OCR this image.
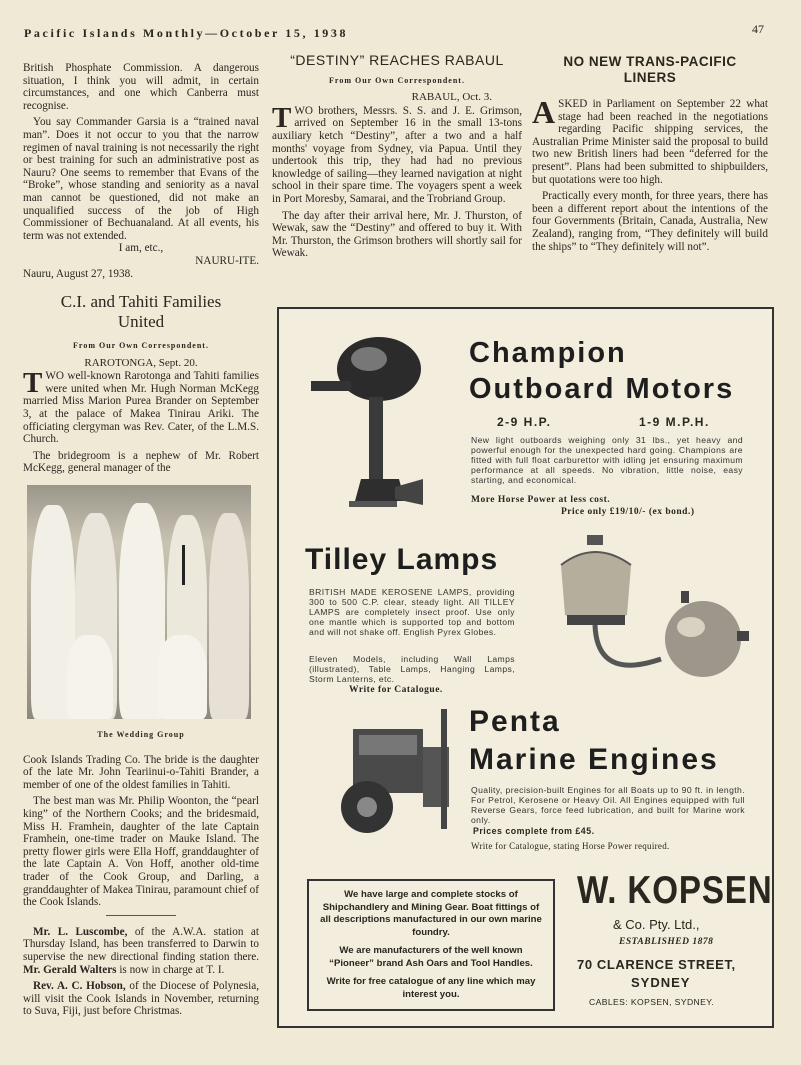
Pacific Islands Monthly—October 15, 1938	47

British Phosphate Commission. A dangerous situation, I think you will admit, in certain circumstances, and one which Canberra must recognise.

You say Commander Garsia is a “trained naval man”. Does it not occur to you that the narrow regimen of naval training is not necessarily the right or best training for such an administrative post as Nauru? One seems to remember that Evans of the “Broke”, whose standing and seniority as a naval man cannot be questioned, did not make an unqualified success of the job of High Commissioner of Bechuanaland. At all events, his term was not extended.

I am, etc.,
NAURU-ITE.
Nauru, August 27, 1938.
C.I. and Tahiti Families United
From Our Own Correspondent.
RAROTONGA, Sept. 20.

TWO well-known Rarotonga and Tahiti families were united when Mr. Hugh Norman McKegg married Miss Marion Purea Brander on September 3, at the palace of Makea Tinirau Ariki. The officiating clergyman was Rev. Cater, of the L.M.S. Church.

The bridegroom is a nephew of Mr. Robert McKegg, general manager of the

The Wedding Group

Cook Islands Trading Co. The bride is the daughter of the late Mr. John Teariinui-o-Tahiti Brander, a member of one of the oldest families in Tahiti.

The best man was Mr. Philip Woonton, the “pearl king” of the Northern Cooks; and the bridesmaid, Miss H. Framhein, daughter of the late Captain Framhein, one-time trader on Mauke Island. The pretty flower girls were Ella Hoff, granddaughter of the late Captain A. Von Hoff, another old-time trader of the Cook Group, and Darling, a granddaughter of Makea Tinirau, paramount chief of the Cook Islands.

Mr. L. Luscombe, of the A.W.A. station at Thursday Island, has been transferred to Darwin to supervise the new directional finding station there. Mr. Gerald Walters is now in charge at T. I.

Rev. A. C. Hobson, of the Diocese of Polynesia, will visit the Cook Islands in November, returning to Suva, Fiji, just before Christmas.

“DESTINY” REACHES RABAUL
From Our Own Correspondent.
RABAUL, Oct. 3.

TWO brothers, Messrs. S. S. and J. E. Grimson, arrived on September 16 in the small 13-tons auxiliary ketch “Destiny”, after a two and a half months' voyage from Sydney, via Papua. Until they undertook this trip, they had had no previous knowledge of sailing—they learned navigation at night school in their spare time. The voyagers spent a week in Port Moresby, Samarai, and the Trobriand Group.

The day after their arrival here, Mr. J. Thurston, of Wewak, saw the “Destiny” and offered to buy it. With Mr. Thurston, the Grimson brothers will shortly sail for Wewak.

NO NEW TRANS-PACIFIC LINERS

ASKED in Parliament on September 22 what stage had been reached in the negotiations regarding Pacific shipping services, the Australian Prime Minister said the proposal to build two new British liners had been “deferred for the present”. Plans had been submitted to shipbuilders, but quotations were too high.

Practically every month, for three years, there has been a different report about the intentions of the four Governments (Britain, Canada, Australia, New Zealand), ranging from, “They definitely will build the ships” to “They definitely will not”.

Champion
Outboard Motors
2-9 H.P.	1-9 M.P.H.
New light outboards weighing only 31 lbs., yet heavy and powerful enough for the unexpected hard going. Champions are fitted with full float carburettor with idling jet ensuring maximum performance at all speeds. No vibration, little noise, easy starting, and economical.
More Horse Power at less cost.
Price only £19/10/- (ex bond.)
Tilley Lamps
BRITISH MADE KEROSENE LAMPS, providing 300 to 500 C.P. clear, steady light. All TILLEY LAMPS are completely insect proof. Use only one mantle which is supported top and bottom and will not shake off. English Pyrex Globes.
Eleven Models, including Wall Lamps (illustrated), Table Lamps, Hanging Lamps, Storm Lanterns, etc.
Write for Catalogue.
Penta
Marine Engines
Quality, precision-built Engines for all Boats up to 90 ft. in length. For Petrol, Kerosene or Heavy Oil. All Engines equipped with full Reverse Gears, force feed lubrication, and built for Marine work only.
Prices complete from £45.
Write for Catalogue, stating Horse Power required.
We have large and complete stocks of Shipchandlery and Mining Gear. Boat fittings of all descriptions manufactured in our own marine foundry.
We are manufacturers of the well known “Pioneer” brand Ash Oars and Tool Handles.
Write for free catalogue of any line which may interest you.
W. KOPSEN
& Co. Pty. Ltd.,
ESTABLISHED 1878
70 CLARENCE STREET,
SYDNEY
CABLES: KOPSEN, SYDNEY.
